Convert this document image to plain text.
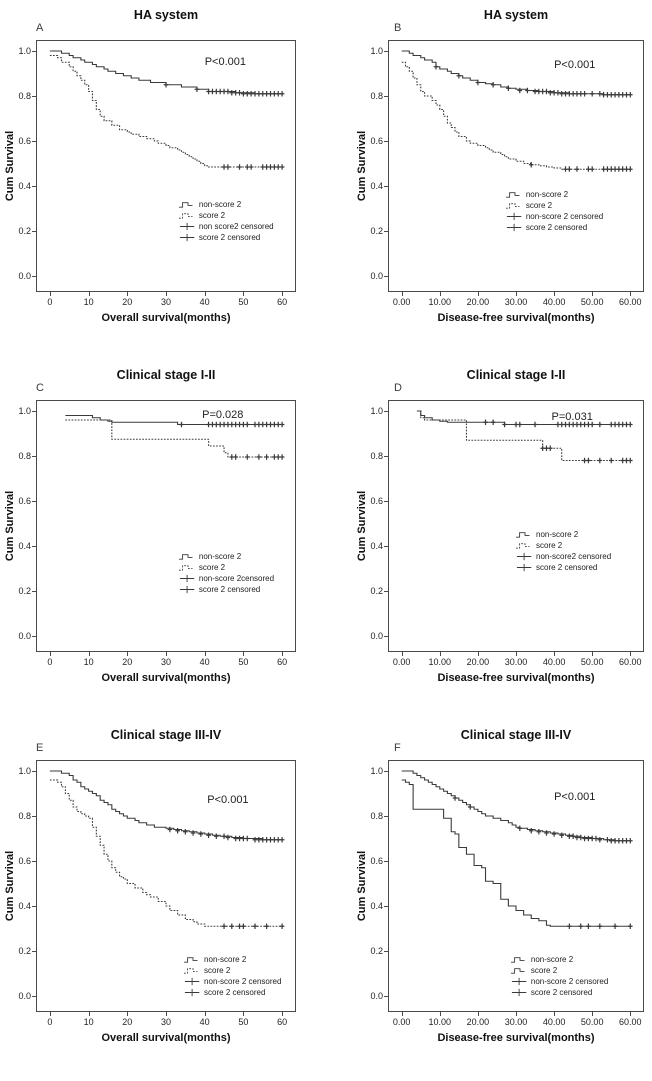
HA system
A
Cum Survival
P<0.001
non-score 2
score 2
non score2 censored
score 2 censored
1.0
0.8
0.6
0.4
0.2
0.0
0	10	20	30	40	50	60
Overall survival(months)
HA system
B
Cum Survival
P<0.001
non-score 2
score 2
non-score 2 censored
score 2 censored
1.0
0.8
0.6
0.4
0.2
0.0
0.00 10.00 20.00 30.00 40.00 50.00 60.00
Disease-free survival(months)
Clinical stage I-II
C
Cum Survival
P=0.028
non-score 2
score 2
non-score 2censored
score 2 censored
1.0
0.8
0.6
0.4
0.2
0.0
0	10	20	30	40	50	60
Overall survival(months)
Clinical stage I-II
D
Cum Survival
P=0.031
non-score 2
score 2
non-score2 censored
score 2 censored
1.0
0.8
0.6
0.4
0.2
0.0
0.00 10.00 20.00 30.00 40.00 50.00 60.00
Disease-free survival(months)
Clinical stage III-IV
E
Cum Survival
P<0.001
non-score 2
score 2
non-score 2 censored
score 2 censored
1.0
0.8
0.6
0.4
0.2
0.0
0	10	20	30	40	50	60
Overall survival(months)
Clinical stage III-IV
F
Cum Survival
P<0.001
non-score 2
score 2
non-score 2 censored
score 2 censored
1.0
0.8
0.6
0.4
0.2
0.0
0.00 10.00 20.00 30.00 40.00 50.00 60.00
Disease-free survival(months)
